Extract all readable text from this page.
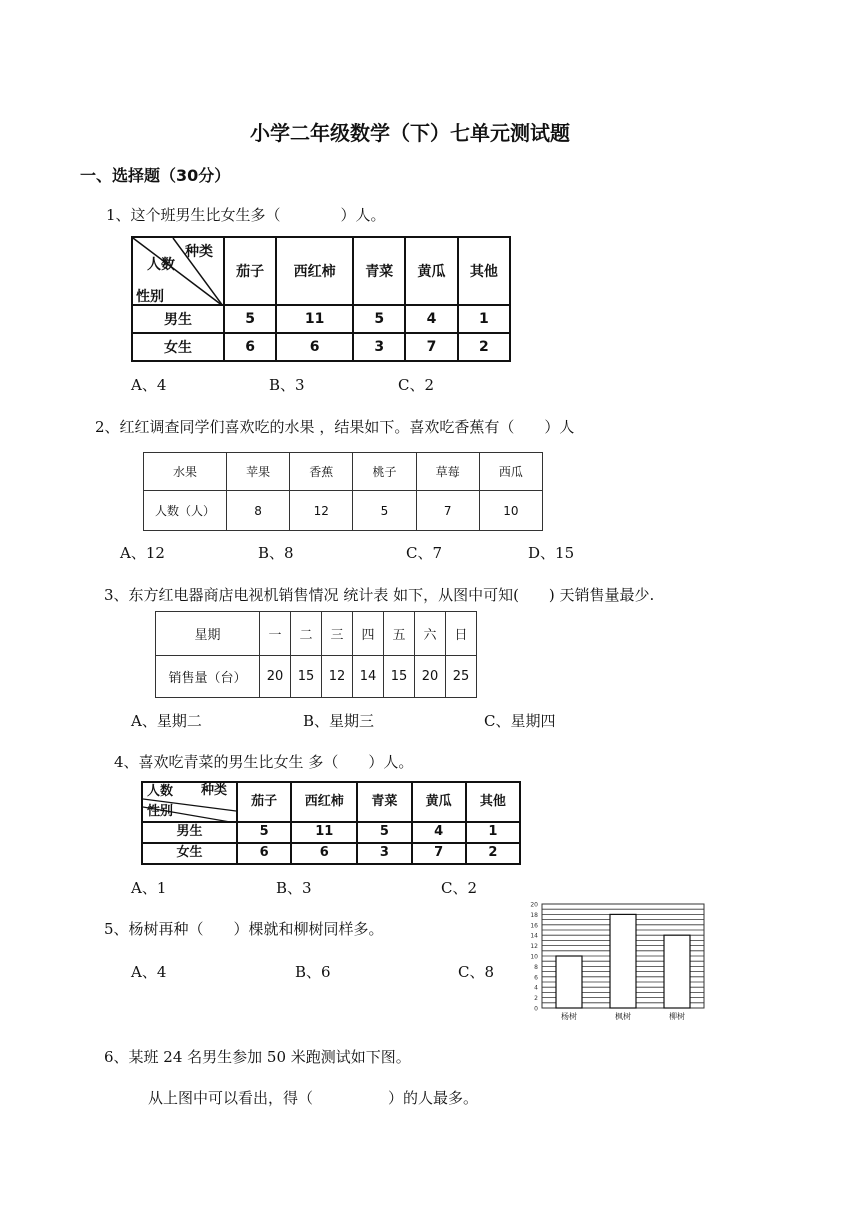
小学二年级数学（下）七单元测试题
一、选择题（30分）
1、这个班男生比女生多（　　　　）人。
种类
人数
性别	茄子	西红柿	青菜	黄瓜	其他
男生	5	11	5	4	1
女生	6	6	3	7	2
A、4	B、3	C、2
2、红红调查同学们喜欢吃的水果 ，结果如下。喜欢吃香蕉有（　　）人
水果	苹果	香蕉	桃子	草莓	西瓜
人数（人）	8	12	5	7	10
A、12	B、8	C、7	D、15
3、东方红电器商店电视机销售情况 统计表 如下，从图中可知(　　) 天销售量最少.
星期	一	二	三	四	五	六	日
销售量（台）	20	15	12	14	15	20	25
A、星期二	B、星期三	C、星期四
4、喜欢吃青菜的男生比女生 多（　　）人。
种类
人数
性别	茄子	西红柿	青菜	黄瓜	其他
男生	5	11	5	4	1
女生	6	6	3	7	2
A、1	B、3	C、2
5、杨树再种（　　）棵就和柳树同样多。
A、4	B、6	C、8
0
2
4
6
8
10
12
14
16
18
20
杨树	枫树	柳树
6、某班 24 名男生参加 50 米跑测试如下图。
从上图中可以看出，得（　　　　　）的人最多。
